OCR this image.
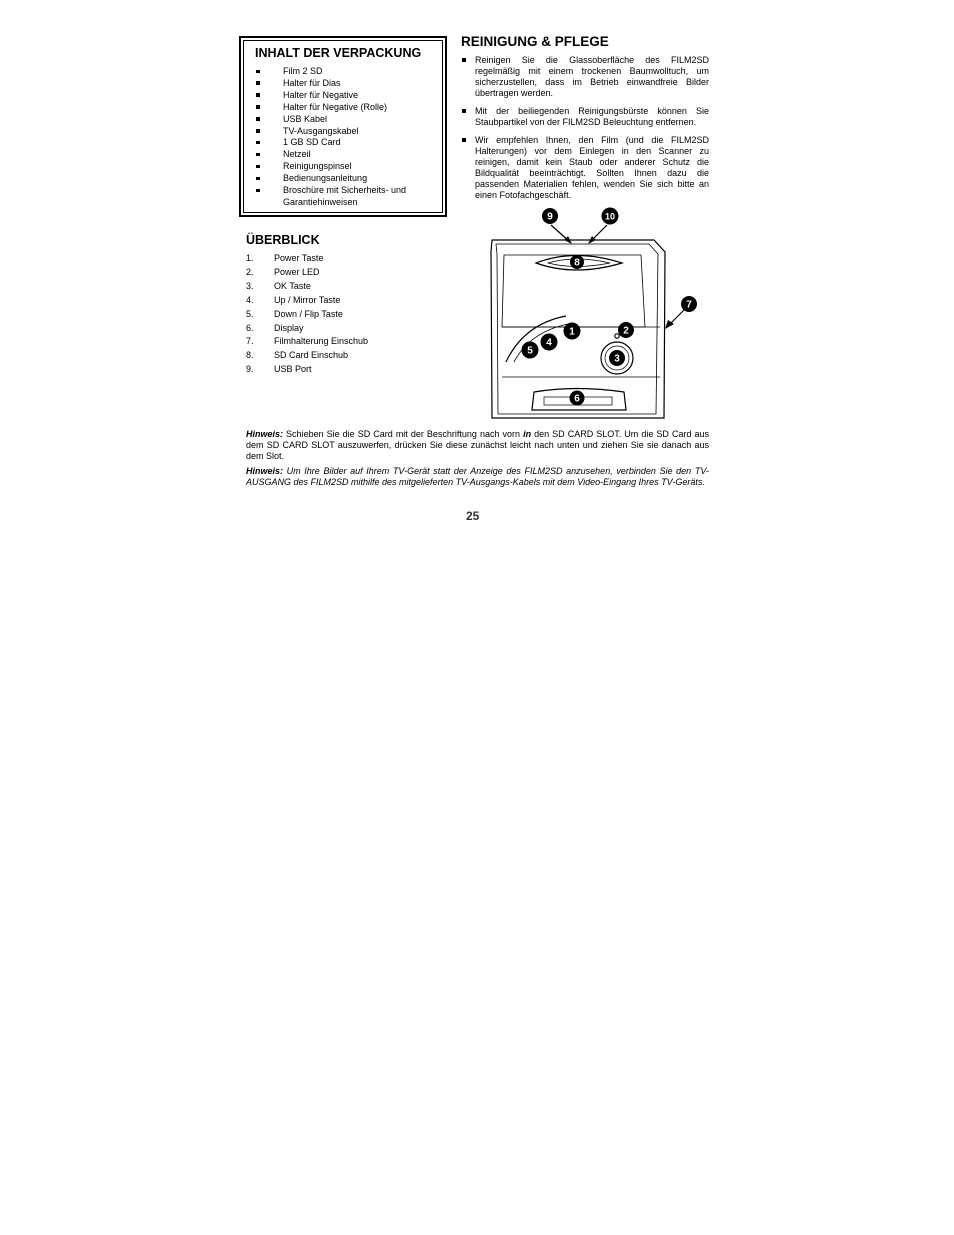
INHALT DER VERPACKUNG
Film 2 SD
Halter für Dias
Halter für Negative
Halter für Negative (Rolle)
USB Kabel
TV-Ausgangskabel
1 GB SD Card
Netzeil
Reinigungspinsel
Bedienungsanleitung
Broschüre mit Sicherheits- und Garantiehinweisen
ÜBERBLICK
1. Power Taste
2. Power LED
3. OK Taste
4. Up / Mirror Taste
5. Down / Flip Taste
6. Display
7. Filmhalterung Einschub
8. SD Card Einschub
9. USB Port
REINIGUNG & PFLEGE
Reinigen Sie die Glassoberfläche des FILM2SD regelmäßig mit einem trockenen Baumwolltuch, um sicherzustellen, dass im Betrieb einwandfreie Bilder übertragen werden.
Mit der beiliegenden Reinigungsbürste können Sie Staubpartikel von der FILM2SD Beleuchtung entfernen.
Wir empfehlen Ihnen, den Film (und die FILM2SD Halterungen) vor dem Einlegen in den Scanner zu reinigen, damit kein Staub oder anderer Schutz die Bildqualität beeinträchtigt. Sollten Ihnen dazu die passenden Materialien fehlen, wenden Sie sich bitte an einen Fotofachgeschäft.
9	10
8
7
1	2
4
5
3
6

Hinweis: Schieben Sie die SD Card mit der Beschriftung nach vorn in den SD CARD SLOT. Um die SD Card aus dem SD CARD SLOT auszuwerfen, drücken Sie diese zunächst leicht nach unten und ziehen Sie sie danach aus dem Slot.

Hinweis: Um Ihre Bilder auf Ihrem TV-Gerät statt der Anzeige des FILM2SD anzusehen, verbinden Sie den TV-AUSGANG des FILM2SD mithilfe des mitgelieferten TV-Ausgangs-Kabels mit dem Video-Eingang Ihres TV-Geräts.

25
